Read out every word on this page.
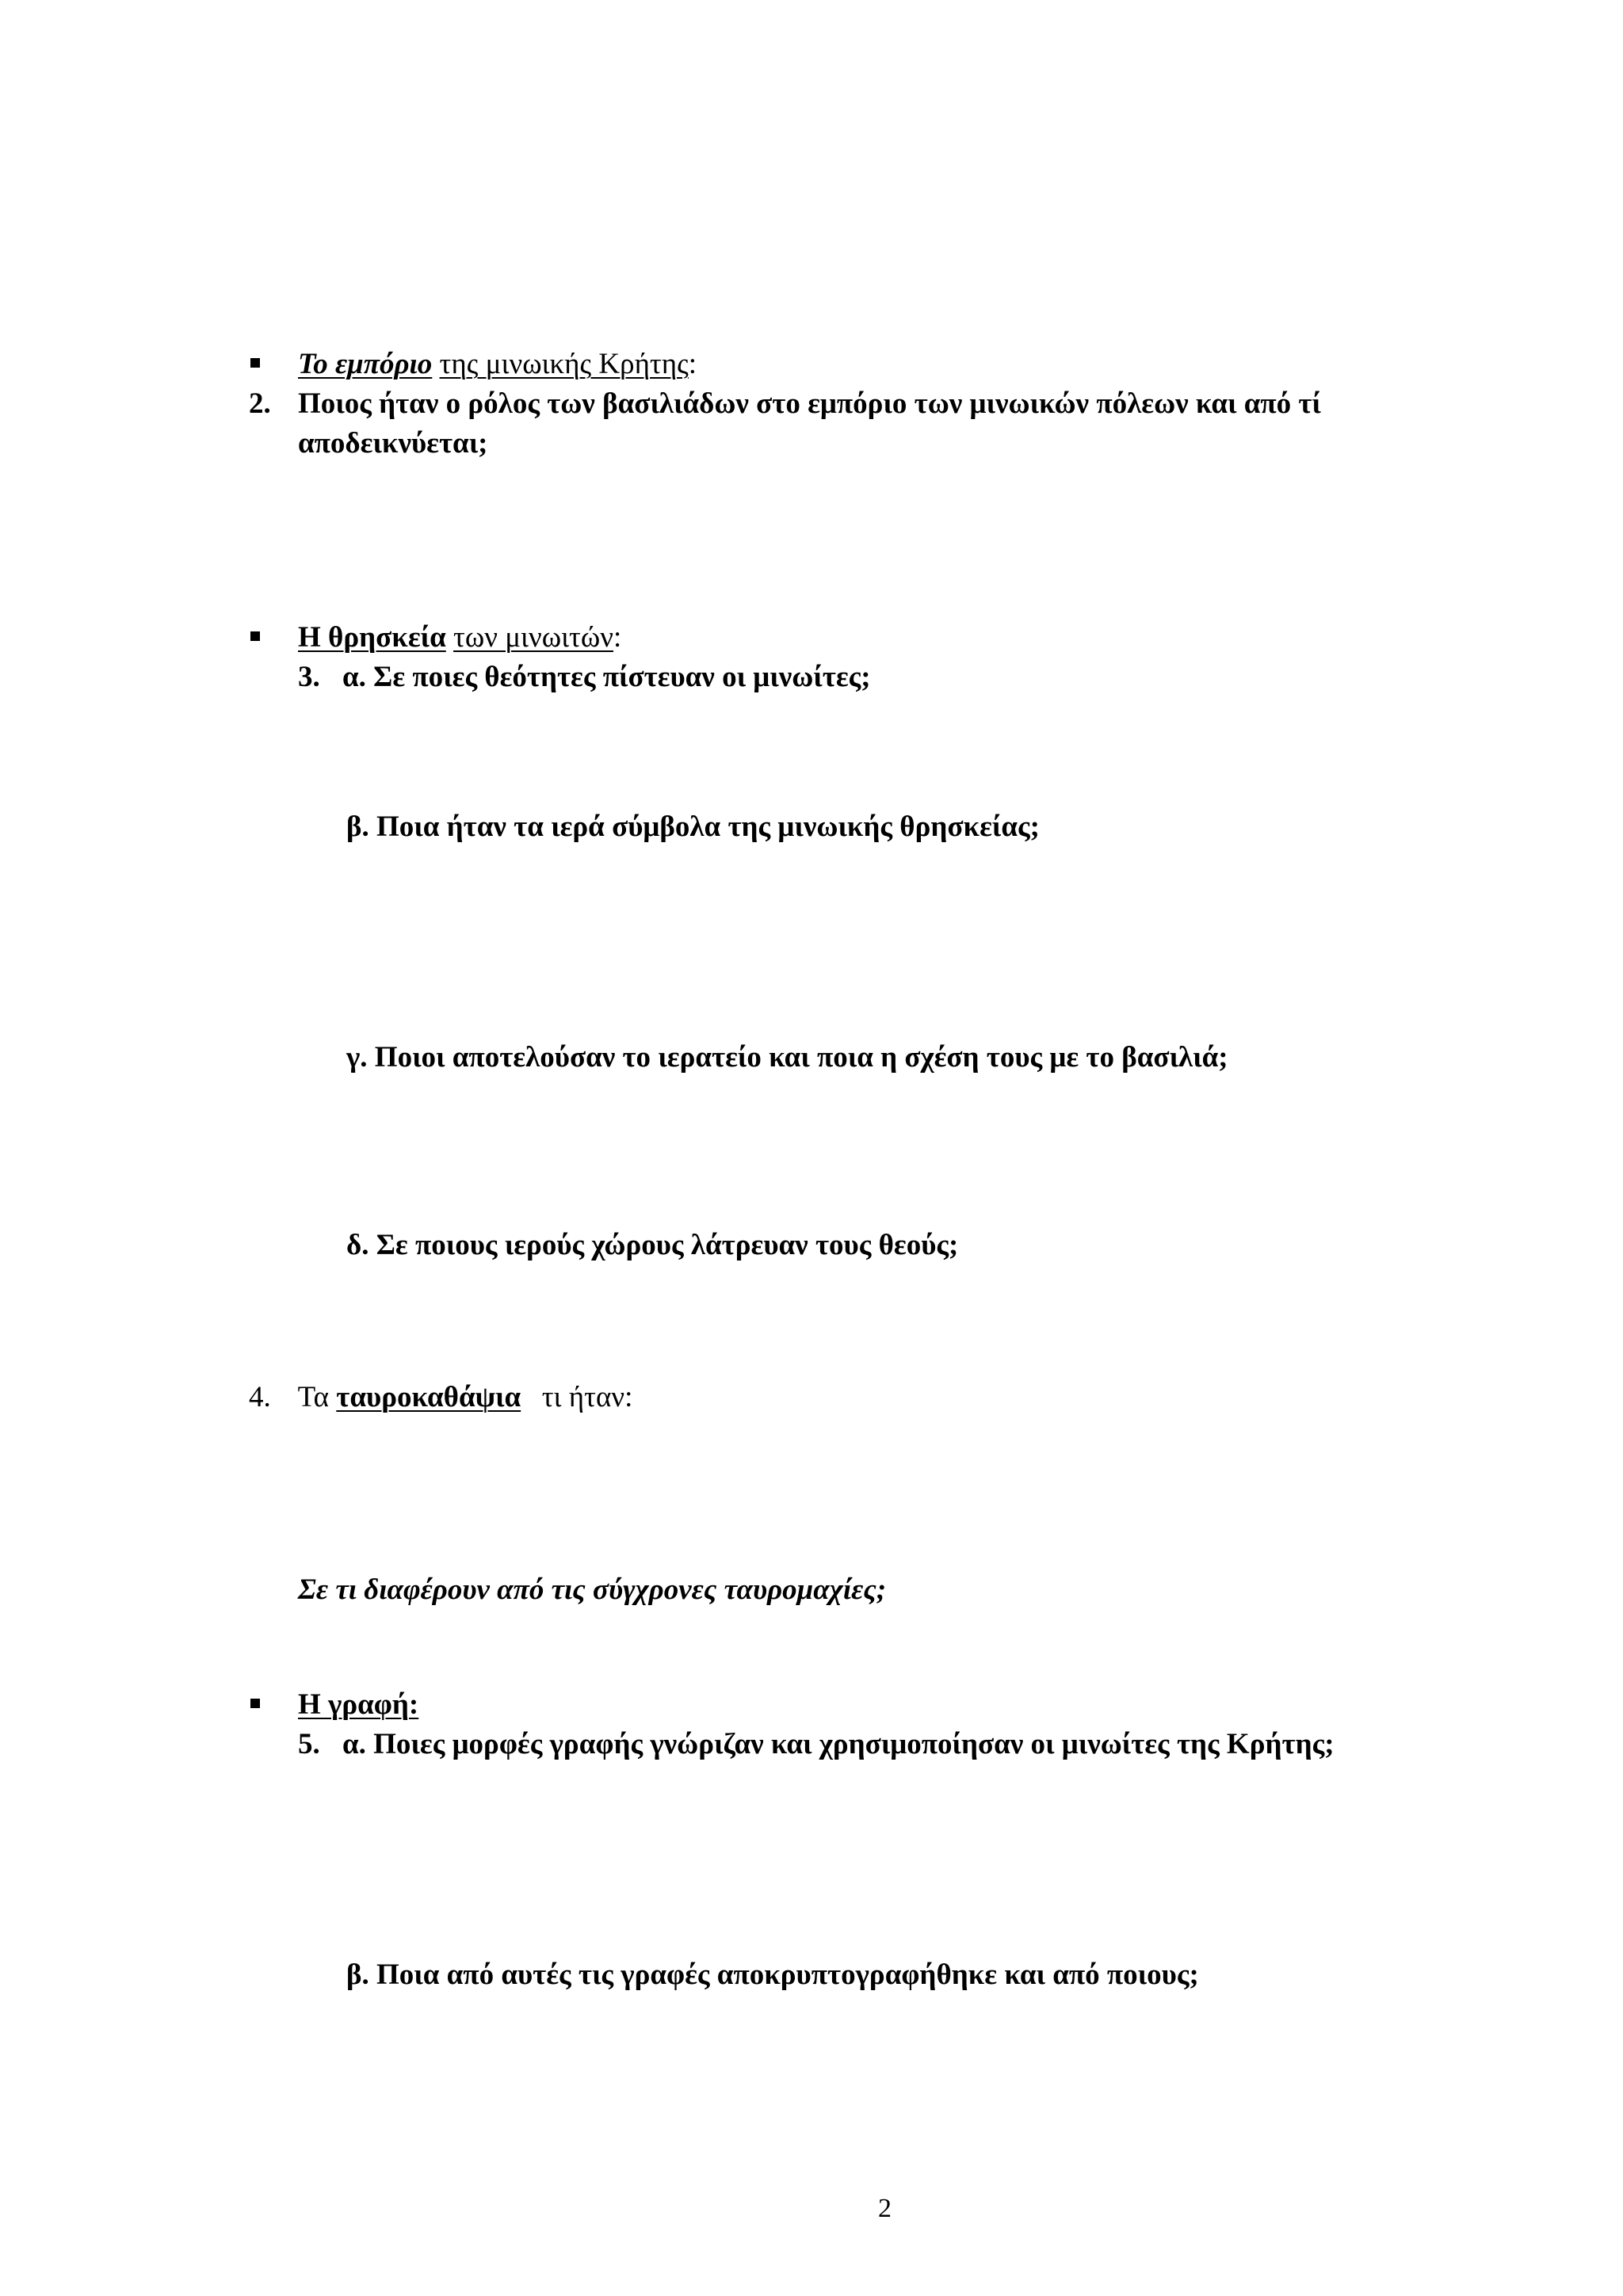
Το εμπόριο της μινωικής Κρήτης:
2. Ποιος ήταν ο ρόλος των βασιλιάδων στο εμπόριο των μινωικών πόλεων και από τί
αποδεικνύεται;
Η θρησκεία των μινωιτών:
3. α. Σε ποιες θεότητες πίστευαν οι μινωίτες;
β. Ποια ήταν τα ιερά σύμβολα της μινωικής θρησκείας;
γ. Ποιοι αποτελούσαν το ιερατείο και ποια η σχέση τους με το βασιλιά;
δ. Σε ποιους ιερούς χώρους λάτρευαν τους θεούς;
4. Τα ταυροκαθάψια τι ήταν:
Σε τι διαφέρουν από τις σύγχρονες ταυρομαχίες;
Η γραφή:
5. α. Ποιες μορφές γραφής γνώριζαν και χρησιμοποίησαν οι μινωίτες της Κρήτης;
β. Ποια από αυτές τις γραφές αποκρυπτογραφήθηκε και από ποιους;
2
